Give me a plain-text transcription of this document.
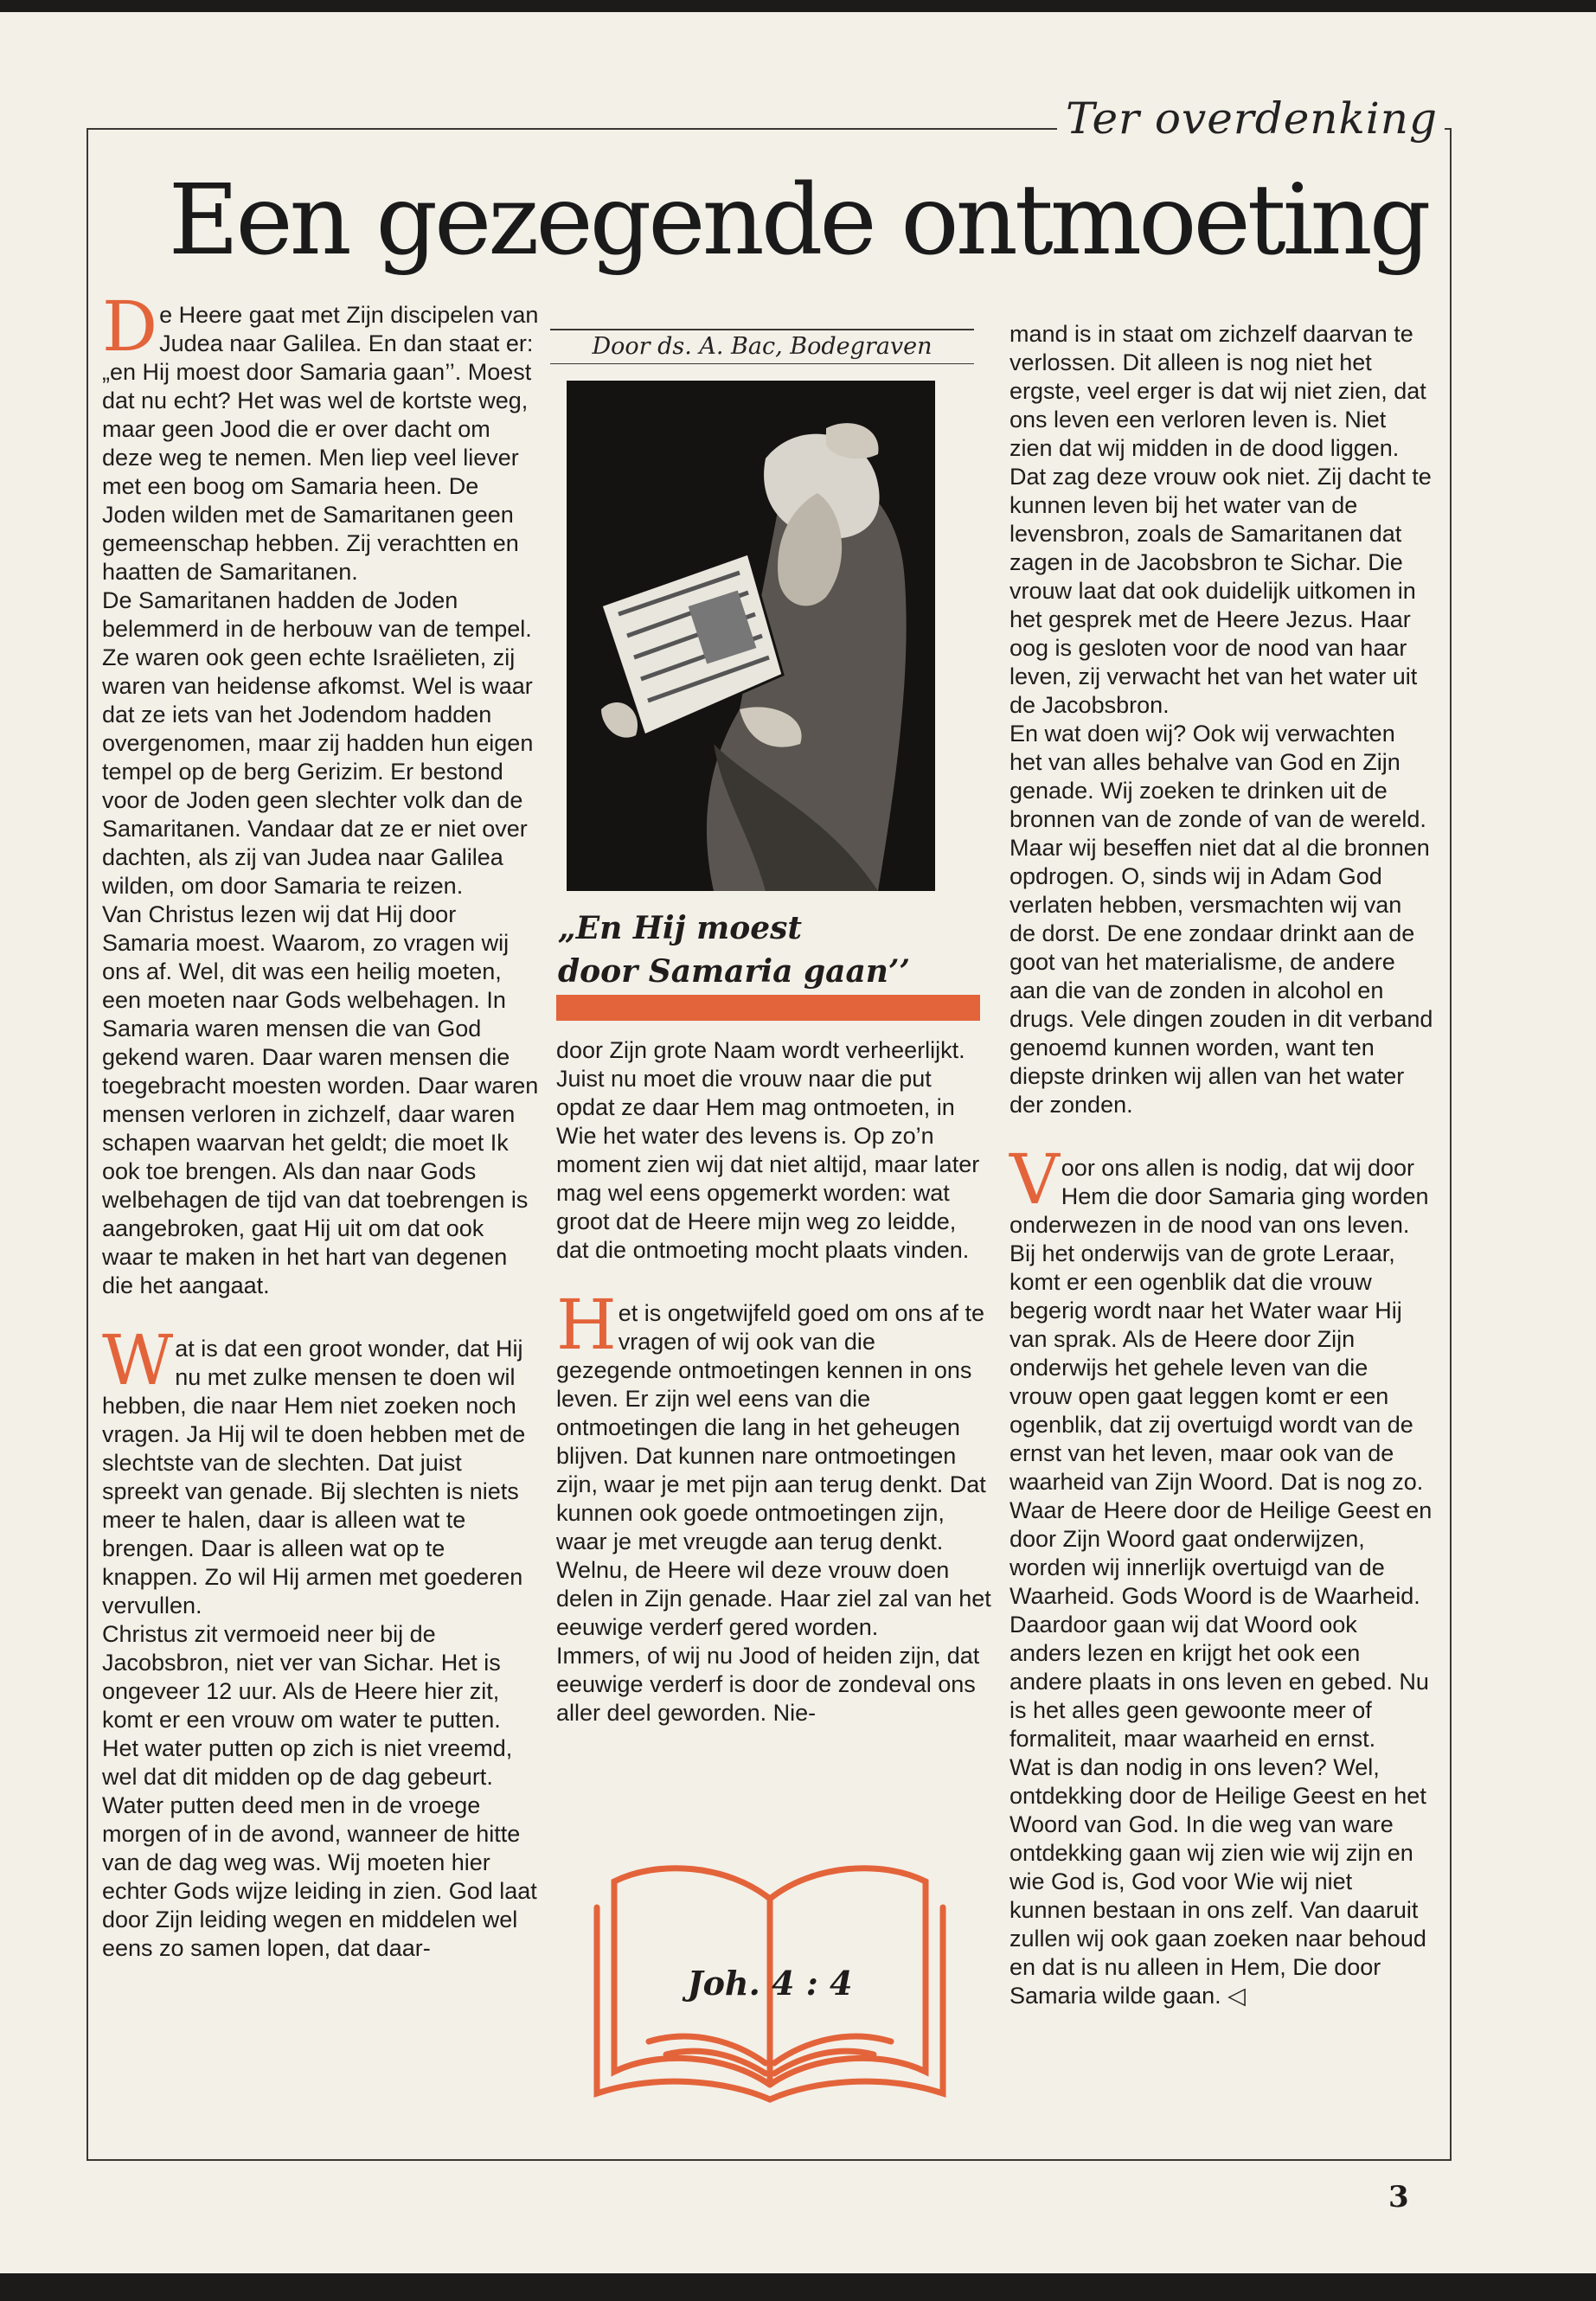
Ter overdenking
Een gezegende ontmoeting

De Heere gaat met Zijn discipelen van Judea naar Galilea. En dan staat er: „en Hij moest door Samaria gaan’’. Moest dat nu echt? Het was wel de kortste weg, maar geen Jood die er over dacht om deze weg te nemen. Men liep veel liever met een boog om Samaria heen. De Joden wilden met de Samaritanen geen gemeenschap hebben. Zij verachtten en haatten de Samaritanen.

De Samaritanen hadden de Joden belemmerd in de herbouw van de tempel. Ze waren ook geen echte Israëlieten, zij waren van heidense afkomst. Wel is waar dat ze iets van het Jodendom hadden overgenomen, maar zij hadden hun eigen tempel op de berg Gerizim. Er bestond voor de Joden geen slechter volk dan de Samaritanen. Vandaar dat ze er niet over dachten, als zij van Judea naar Galilea wilden, om door Samaria te reizen.

Van Christus lezen wij dat Hij door Samaria moest. Waarom, zo vragen wij ons af. Wel, dit was een heilig moeten, een moeten naar Gods welbehagen. In Samaria waren mensen die van God gekend waren. Daar waren mensen die toegebracht moesten worden. Daar waren mensen verloren in zichzelf, daar waren schapen waarvan het geldt; die moet Ik ook toe brengen. Als dan naar Gods welbehagen de tijd van dat toebrengen is aangebroken, gaat Hij uit om dat ook waar te maken in het hart van degenen die het aangaat.

Wat is dat een groot wonder, dat Hij nu met zulke mensen te doen wil hebben, die naar Hem niet zoeken noch vragen. Ja Hij wil te doen hebben met de slechtste van de slechten. Dat juist spreekt van genade. Bij slechten is niets meer te halen, daar is alleen wat te brengen. Daar is alleen wat op te knappen. Zo wil Hij armen met goederen vervullen.

Christus zit vermoeid neer bij de Jacobsbron, niet ver van Sichar. Het is ongeveer 12 uur. Als de Heere hier zit, komt er een vrouw om water te putten. Het water putten op zich is niet vreemd, wel dat dit midden op de dag gebeurt. Water putten deed men in de vroege morgen of in de avond, wanneer de hitte van de dag weg was. Wij moeten hier echter Gods wijze leiding in zien. God laat door Zijn leiding wegen en middelen wel eens zo samen lopen, dat daar-

Door ds. A. Bac, Bodegraven
„En Hij moest
door Samaria gaan’’

door Zijn grote Naam wordt verheerlijkt.

Juist nu moet die vrouw naar die put opdat ze daar Hem mag ontmoeten, in Wie het water des levens is. Op zo’n moment zien wij dat niet altijd, maar later mag wel eens opgemerkt worden: wat groot dat de Heere mijn weg zo leidde, dat die ontmoeting mocht plaats vinden.

Het is ongetwijfeld goed om ons af te vragen of wij ook van die gezegende ontmoetingen kennen in ons leven. Er zijn wel eens van die ontmoetingen die lang in het geheugen blijven. Dat kunnen nare ontmoetingen zijn, waar je met pijn aan terug denkt. Dat kunnen ook goede ontmoetingen zijn, waar je met vreugde aan terug denkt. Welnu, de Heere wil deze vrouw doen delen in Zijn genade. Haar ziel zal van het eeuwige verderf gered worden.

Immers, of wij nu Jood of heiden zijn, dat eeuwige verderf is door de zondeval ons aller deel geworden. Nie-

Joh. 4 : 4

mand is in staat om zichzelf daarvan te verlossen. Dit alleen is nog niet het ergste, veel erger is dat wij niet zien, dat ons leven een verloren leven is. Niet zien dat wij midden in de dood liggen. Dat zag deze vrouw ook niet. Zij dacht te kunnen leven bij het water van de levensbron, zoals de Samaritanen dat zagen in de Jacobsbron te Sichar. Die vrouw laat dat ook duidelijk uitkomen in het gesprek met de Heere Jezus. Haar oog is gesloten voor de nood van haar leven, zij verwacht het van het water uit de Jacobsbron.

En wat doen wij? Ook wij verwachten het van alles behalve van God en Zijn genade. Wij zoeken te drinken uit de bronnen van de zonde of van de wereld. Maar wij beseffen niet dat al die bronnen opdrogen. O, sinds wij in Adam God verlaten hebben, versmachten wij van de dorst. De ene zondaar drinkt aan de goot van het materialisme, de andere aan die van de zonden in alcohol en drugs. Vele dingen zouden in dit verband genoemd kunnen worden, want ten diepste drinken wij allen van het water der zonden.

Voor ons allen is nodig, dat wij door Hem die door Samaria ging worden onderwezen in de nood van ons leven. Bij het onderwijs van de grote Leraar, komt er een ogenblik dat die vrouw begerig wordt naar het Water waar Hij van sprak. Als de Heere door Zijn onderwijs het gehele leven van die vrouw open gaat leggen komt er een ogenblik, dat zij overtuigd wordt van de ernst van het leven, maar ook van de waarheid van Zijn Woord. Dat is nog zo. Waar de Heere door de Heilige Geest en door Zijn Woord gaat onderwijzen, worden wij innerlijk overtuigd van de Waarheid. Gods Woord is de Waarheid. Daardoor gaan wij dat Woord ook anders lezen en krijgt het ook een andere plaats in ons leven en gebed. Nu is het alles geen gewoonte meer of formaliteit, maar waarheid en ernst.

Wat is dan nodig in ons leven? Wel, ontdekking door de Heilige Geest en het Woord van God. In die weg van ware ontdekking gaan wij zien wie wij zijn en wie God is, God voor Wie wij niet kunnen bestaan in ons zelf. Van daaruit zullen wij ook gaan zoeken naar behoud en dat is nu alleen in Hem, Die door Samaria wilde gaan. ◁

3
